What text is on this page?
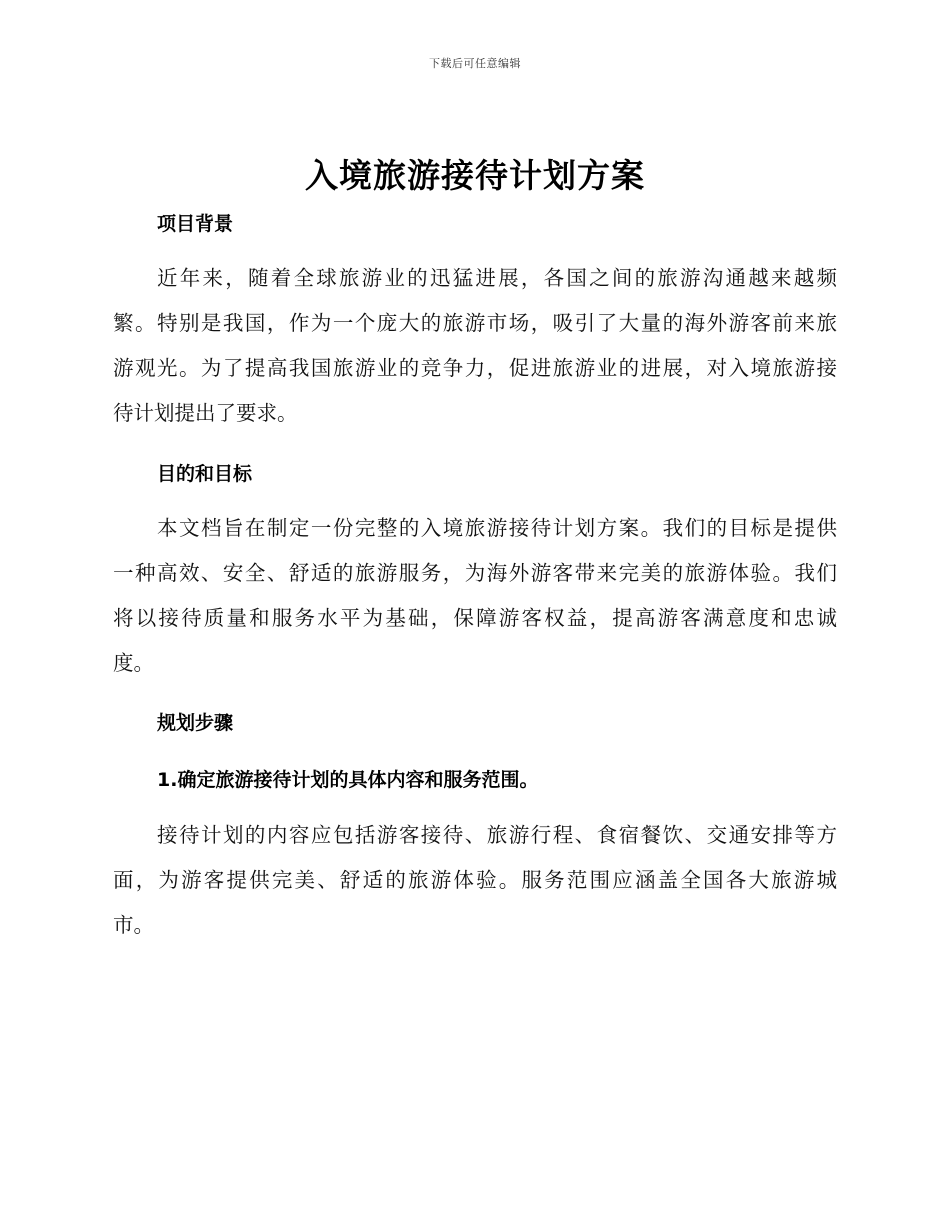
下载后可任意编辑
入境旅游接待计划方案
项目背景
近年来，随着全球旅游业的迅猛进展，各国之间的旅游沟通越来越频
繁。特别是我国，作为一个庞大的旅游市场，吸引了大量的海外游客前来旅
游观光。为了提高我国旅游业的竞争力，促进旅游业的进展，对入境旅游接
待计划提出了要求。
目的和目标
本文档旨在制定一份完整的入境旅游接待计划方案。我们的目标是提供
一种高效、安全、舒适的旅游服务，为海外游客带来完美的旅游体验。我们
将以接待质量和服务水平为基础，保障游客权益，提高游客满意度和忠诚
度。
规划步骤
1.确定旅游接待计划的具体内容和服务范围。
接待计划的内容应包括游客接待、旅游行程、食宿餐饮、交通安排等方
面，为游客提供完美、舒适的旅游体验。服务范围应涵盖全国各大旅游城
市。
